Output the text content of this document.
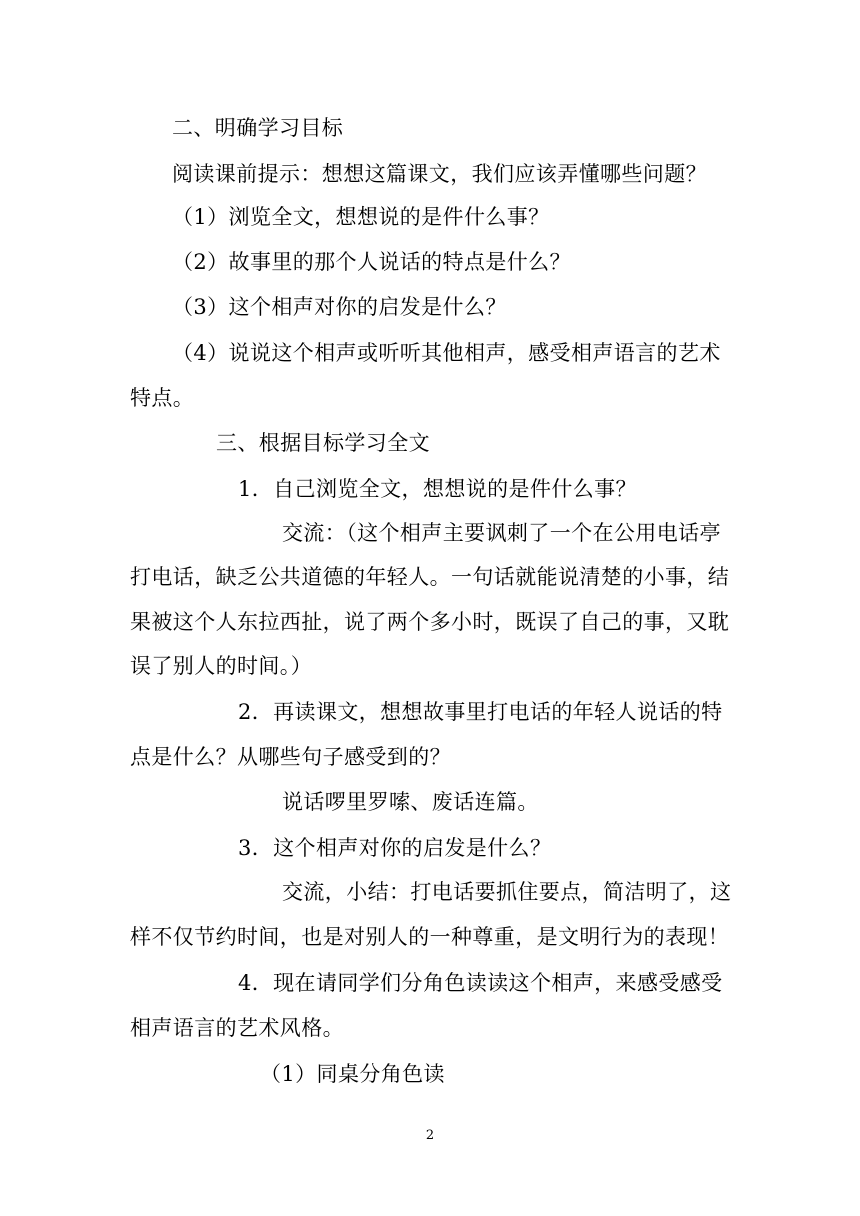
二、明确学习目标
阅读课前提示：想想这篇课文，我们应该弄懂哪些问题？
（1）浏览全文，想想说的是件什么事？
（2）故事里的那个人说话的特点是什么？
（3）这个相声对你的启发是什么？
（4）说说这个相声或听听其他相声，感受相声语言的艺术
特点。
三、根据目标学习全文
1．自己浏览全文，想想说的是件什么事？
交流：（这个相声主要讽刺了一个在公用电话亭
打电话，缺乏公共道德的年轻人。一句话就能说清楚的小事，结
果被这个人东拉西扯，说了两个多小时，既误了自己的事，又耽
误了别人的时间。）
2．再读课文，想想故事里打电话的年轻人说话的特
点是什么？从哪些句子感受到的？
说话啰里罗嗦、废话连篇。
3．这个相声对你的启发是什么？
交流，小结：打电话要抓住要点，简洁明了，这
样不仅节约时间，也是对别人的一种尊重，是文明行为的表现！
4．现在请同学们分角色读读这个相声，来感受感受
相声语言的艺术风格。
（1）同桌分角色读
2
